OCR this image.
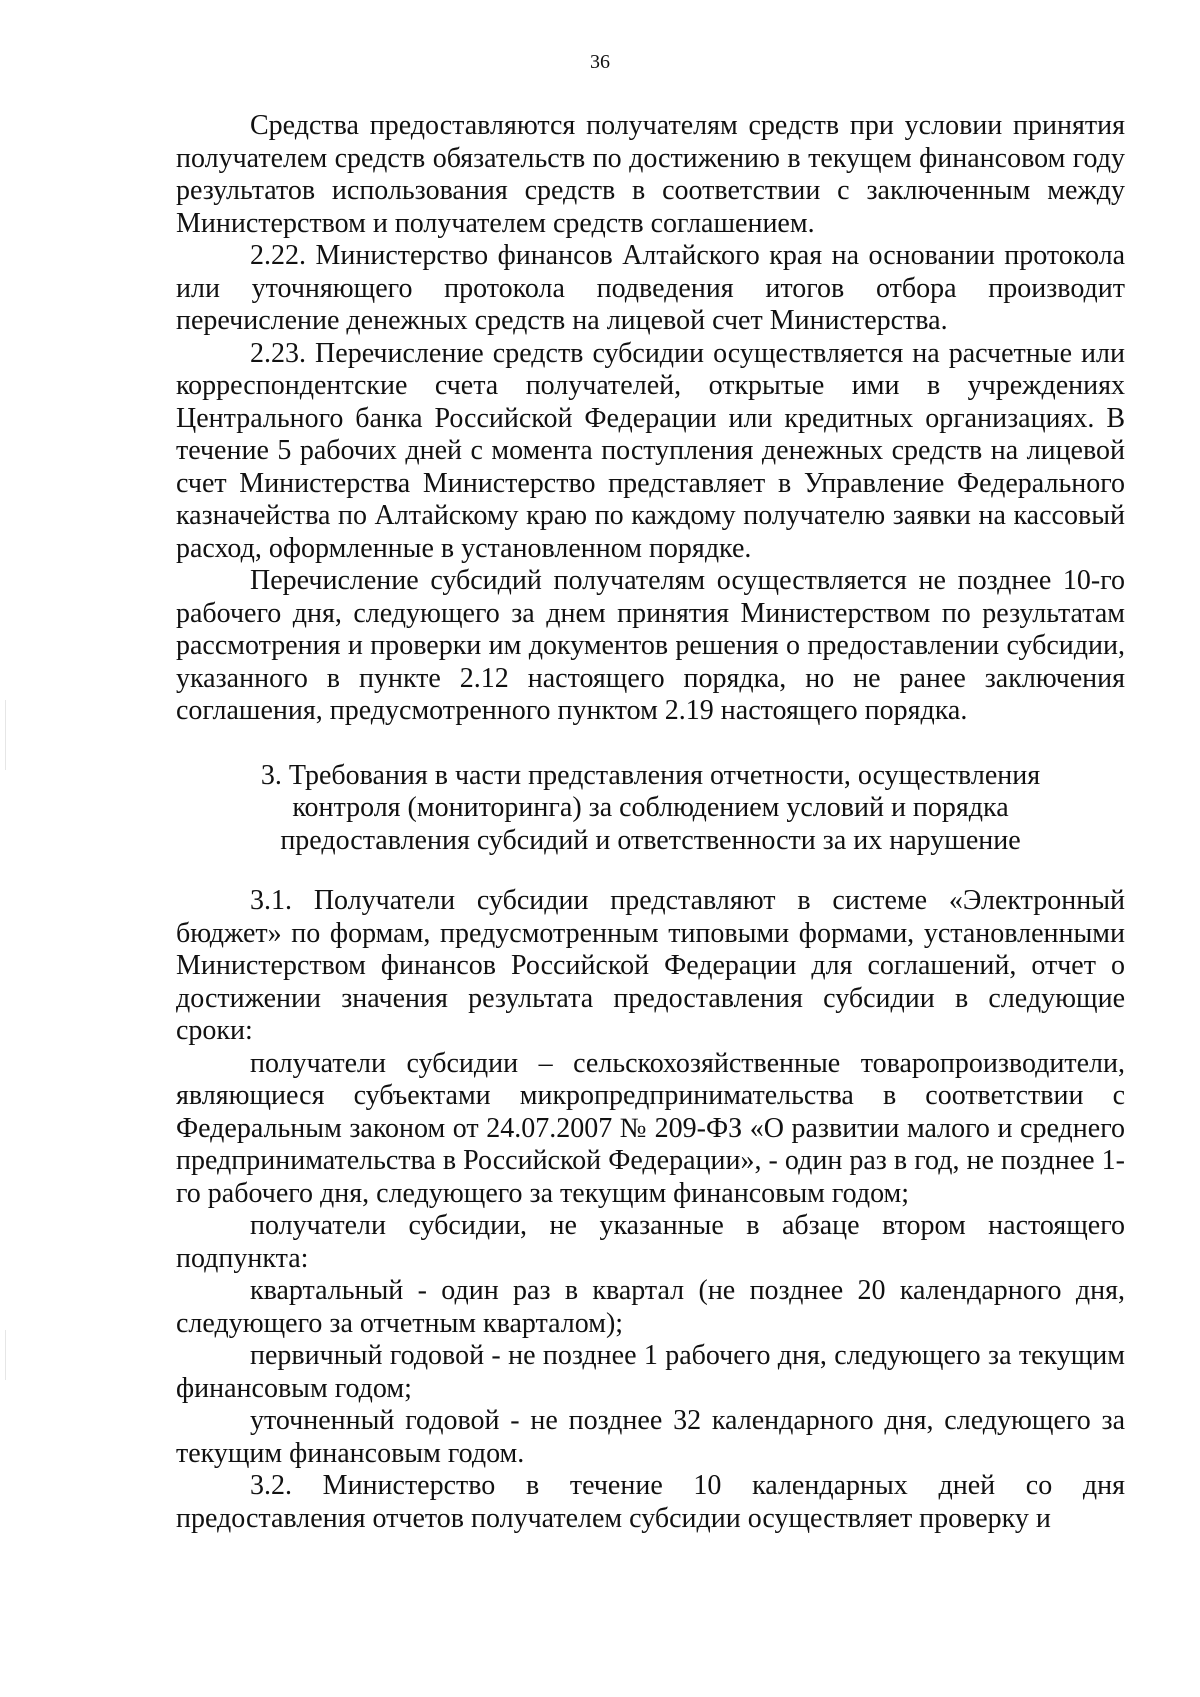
36

Средства предоставляются получателям средств при условии принятия получателем средств обязательств по достижению в текущем финансовом году результатов использования средств в соответствии с заключенным между Министерством и получателем средств соглашением.

2.22. Министерство финансов Алтайского края на основании протокола или уточняющего протокола подведения итогов отбора производит перечисление денежных средств на лицевой счет Министерства.

2.23. Перечисление средств субсидии осуществляется на расчетные или корреспондентские счета получателей, открытые ими в учреждениях Центрального банка Российской Федерации или кредитных организациях. В течение 5 рабочих дней с момента поступления денежных средств на лицевой счет Министерства Министерство представляет в Управление Федерального казначейства по Алтайскому краю по каждому получателю заявки на кассовый расход, оформленные в установленном порядке.

Перечисление субсидий получателям осуществляется не позднее 10-го рабочего дня, следующего за днем принятия Министерством по результатам рассмотрения и проверки им документов решения о предоставлении субсидии, указанного в пункте 2.12 настоящего порядка, но не ранее заключения соглашения, предусмотренного пунктом 2.19 настоящего порядка.

3. Требования в части представления отчетности, осуществления
контроля (мониторинга) за соблюдением условий и порядка
предоставления субсидий и ответственности за их нарушение

3.1. Получатели субсидии представляют в системе «Электронный бюджет» по формам, предусмотренным типовыми формами, установленными Министерством финансов Российской Федерации для соглашений, отчет о достижении значения результата предоставления субсидии в следующие сроки:

получатели субсидии – сельскохозяйственные товаропроизводители, являющиеся субъектами микропредпринимательства в соответствии с Федеральным законом от 24.07.2007 № 209-ФЗ «О развитии малого и среднего предпринимательства в Российской Федерации», - один раз в год, не позднее 1-го рабочего дня, следующего за текущим финансовым годом;

получатели субсидии, не указанные в абзаце втором настоящего подпункта:

квартальный - один раз в квартал (не позднее 20 календарного дня, следующего за отчетным кварталом);

первичный годовой - не позднее 1 рабочего дня, следующего за текущим финансовым годом;

уточненный годовой - не позднее 32 календарного дня, следующего за текущим финансовым годом.

3.2. Министерство в течение 10 календарных дней со дня предоставления отчетов получателем субсидии осуществляет проверку и
